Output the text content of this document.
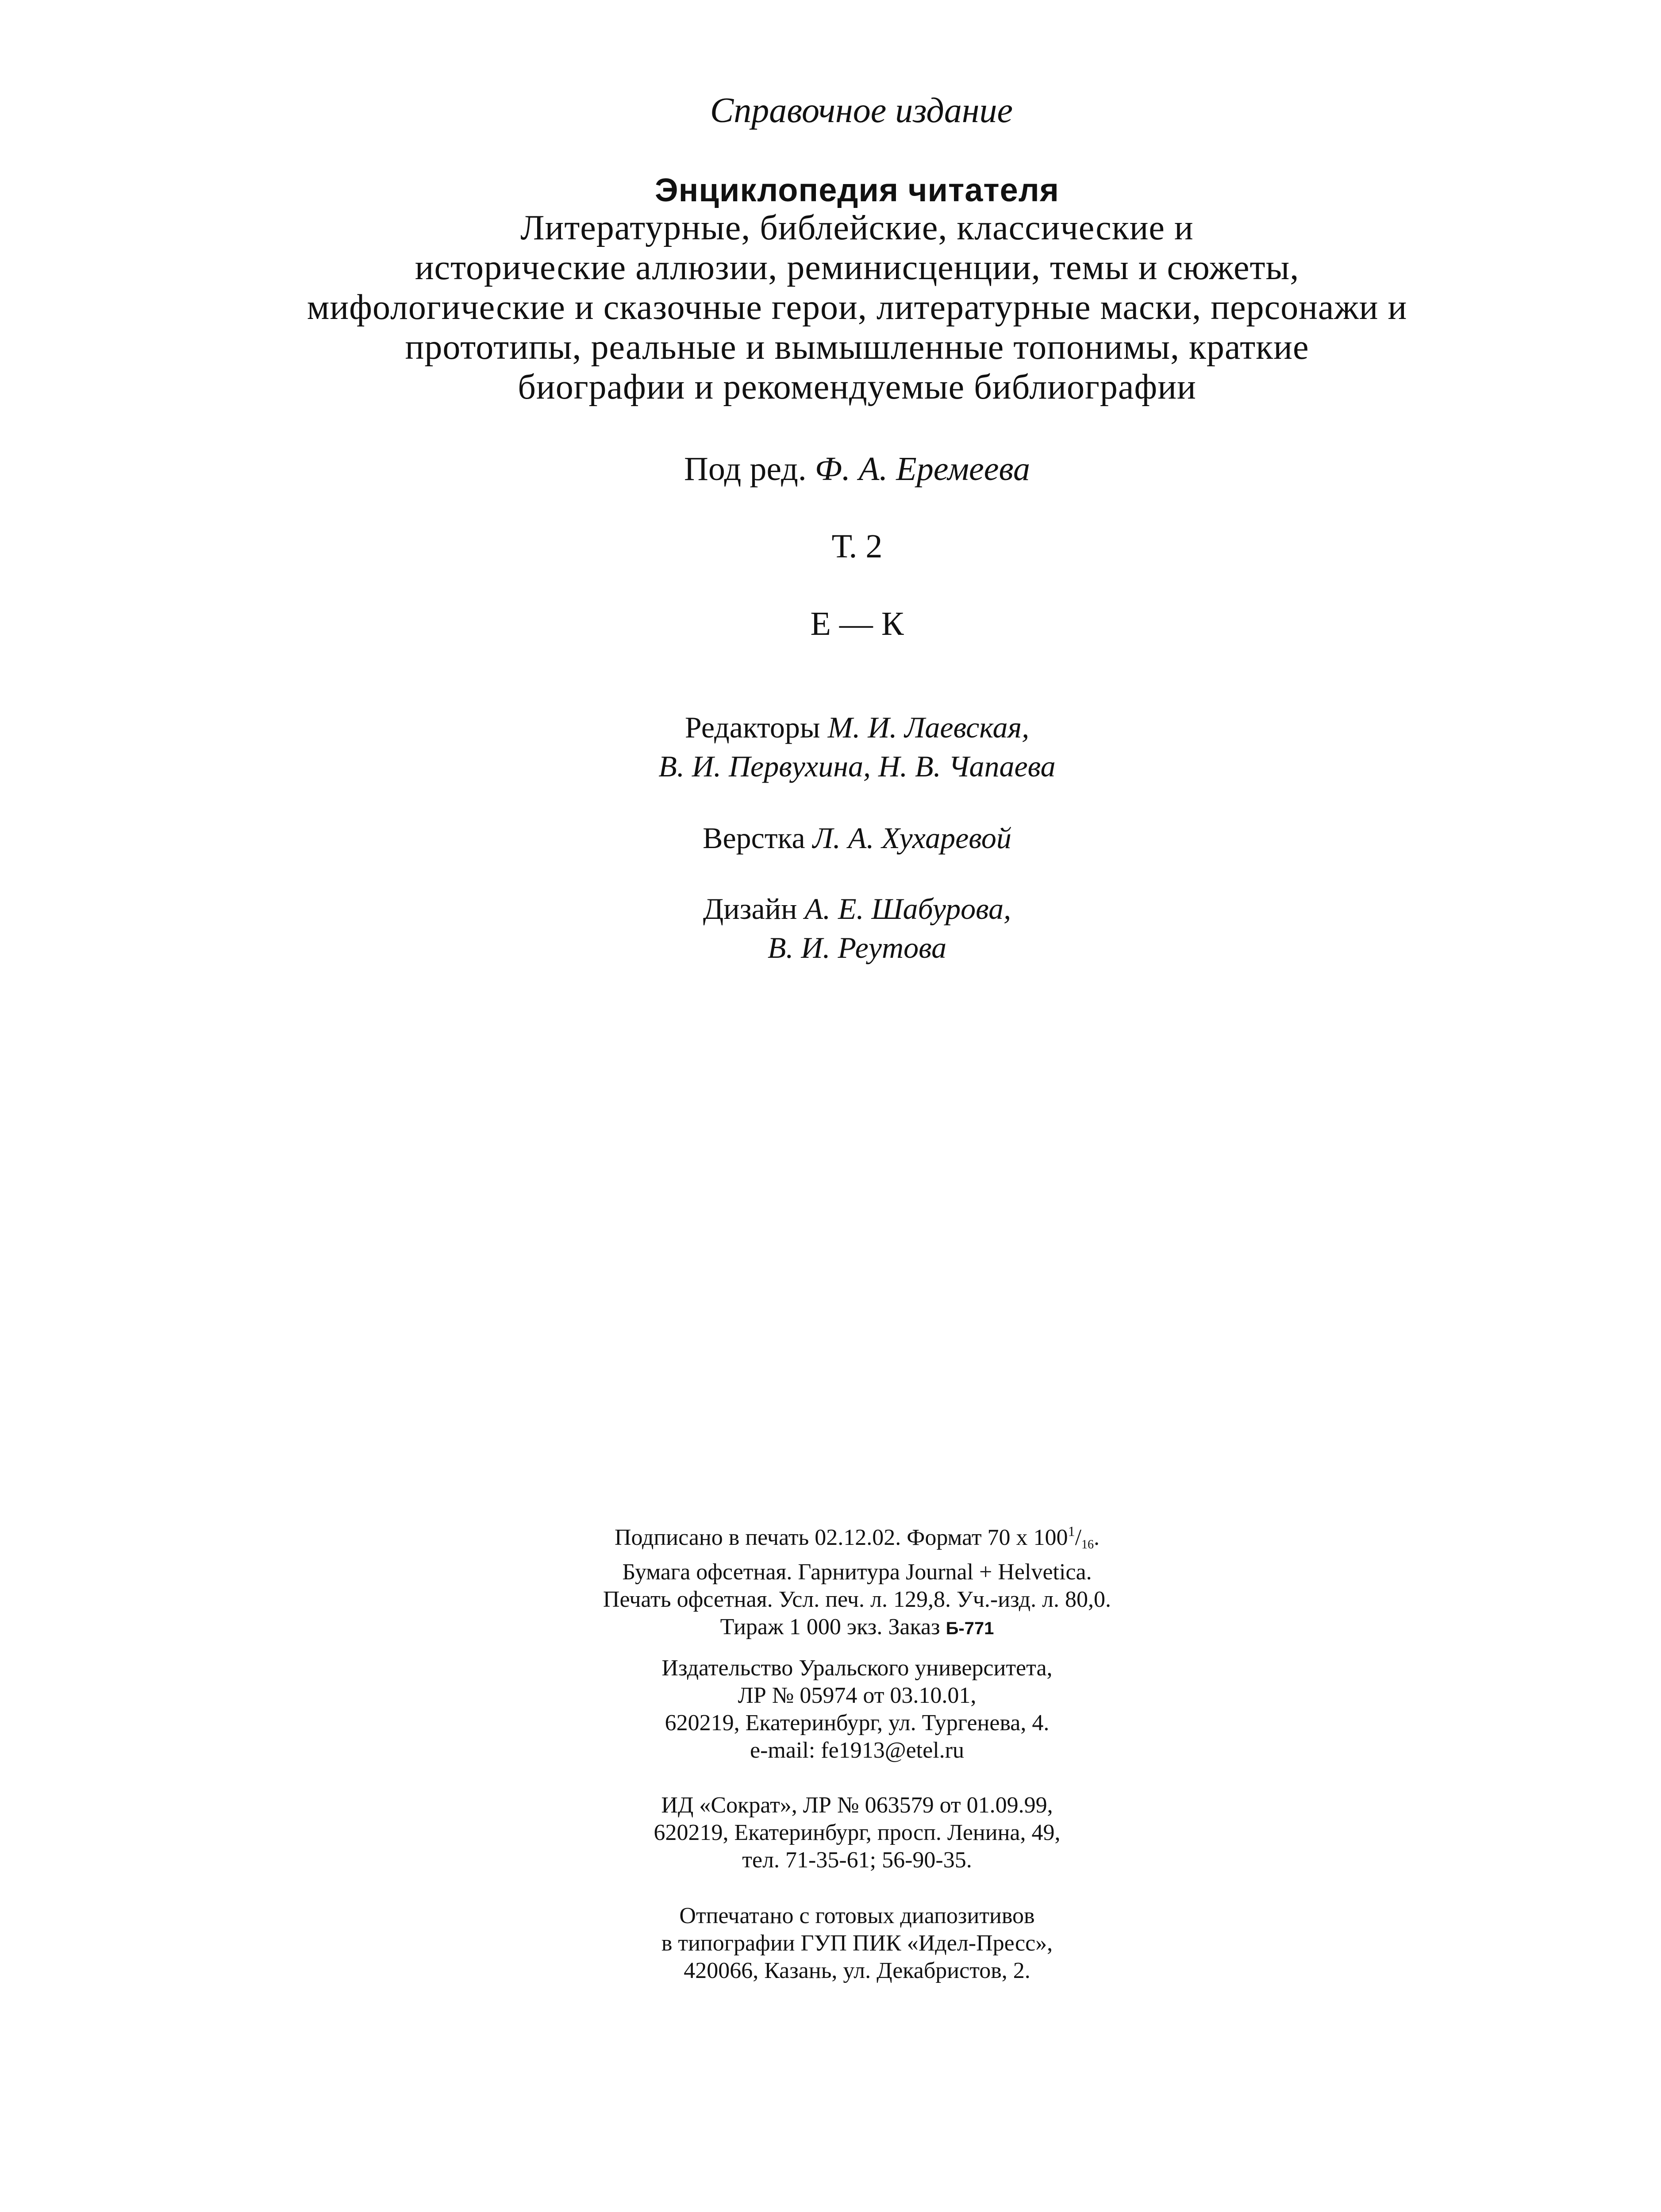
Справочное издание
Энциклопедия читателя
Литературные, библейские, классические и
исторические аллюзии, реминисценции, темы и сюжеты,
мифологические и сказочные герои, литературные маски, персонажи и
прототипы, реальные и вымышленные топонимы, краткие
биографии и рекомендуемые библиографии
Под ред. Ф. А. Еремеева
Т. 2
Е — К
Редакторы М. И. Лаевская,
В. И. Первухина, Н. В. Чапаева
Верстка Л. А. Хухаревой
Дизайн А. Е. Шабурова,
В. И. Реутова
Подписано в печать 02.12.02. Формат 70 х $100^1/16$.
Бумага офсетная. Гарнитура Journal + Helvetica.
Печать офсетная. Усл. печ. л. 129,8. Уч.-изд. л. 80,0.
Тираж 1 000 экз. Заказ Б-771
Издательство Уральского университета,
ЛР № 05974 от 03.10.01,
620219, Екатеринбург, ул. Тургенева, 4.
e-mail: fe1913@etel.ru
ИД «Сократ», ЛР № 063579 от 01.09.99,
620219, Екатеринбург, просп. Ленина, 49,
тел. 71-35-61; 56-90-35.
Отпечатано с готовых диапозитивов
в типографии ГУП ПИК «Идел-Пресс»,
420066, Казань, ул. Декабристов, 2.
